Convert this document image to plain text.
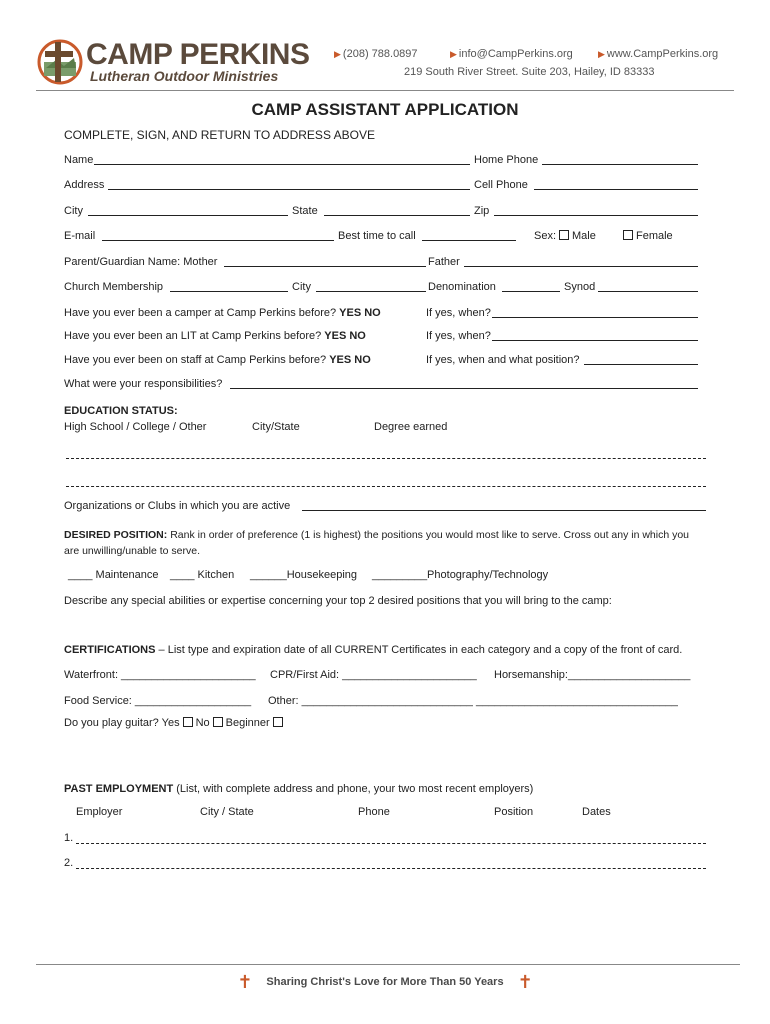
CAMP PERKINS
Lutheran Outdoor Ministries
▶ (208) 788.0897	▶ info@CampPerkins.org	▶ www.CampPerkins.org
219 South River Street. Suite 203, Hailey, ID 83333
CAMP ASSISTANT APPLICATION
COMPLETE, SIGN, AND RETURN TO ADDRESS ABOVE
Name	Home Phone
Address	Cell Phone
City	State	Zip
E-mail	Best time to call	Sex: Male	Female
Parent/Guardian Name: Mother	Father
Church Membership	City	Denomination	Synod
Have you ever been a camper at Camp Perkins before? YES NO	If yes, when?
Have you ever been an LIT at Camp Perkins before? YES NO	If yes, when?
Have you ever been on staff at Camp Perkins before? YES NO	If yes, when and what position?
What were your responsibilities?
EDUCATION STATUS:
High School / College / Other	City/State	Degree earned
Organizations or Clubs in which you are active
DESIRED POSITION: Rank in order of preference (1 is highest) the positions you would most like to serve. Cross out any in which you
are unwilling/unable to serve.
____ Maintenance ____ Kitchen ______Housekeeping _________Photography/Technology
Describe any special abilities or expertise concerning your top 2 desired positions that you will bring to the camp:
CERTIFICATIONS – List type and expiration date of all CURRENT Certificates in each category and a copy of the front of card.
Waterfront: ______________________ CPR/First Aid: ______________________ Horsemanship:____________________
Food Service: ___________________ Other: ____________________________ _________________________________
Do you play guitar? Yes No Beginner
PAST EMPLOYMENT (List, with complete address and phone, your two most recent employers)
Employer	City / State	Phone	Position	Dates
1.
2.
✝ Sharing Christ's Love for More Than 50 Years ✝
